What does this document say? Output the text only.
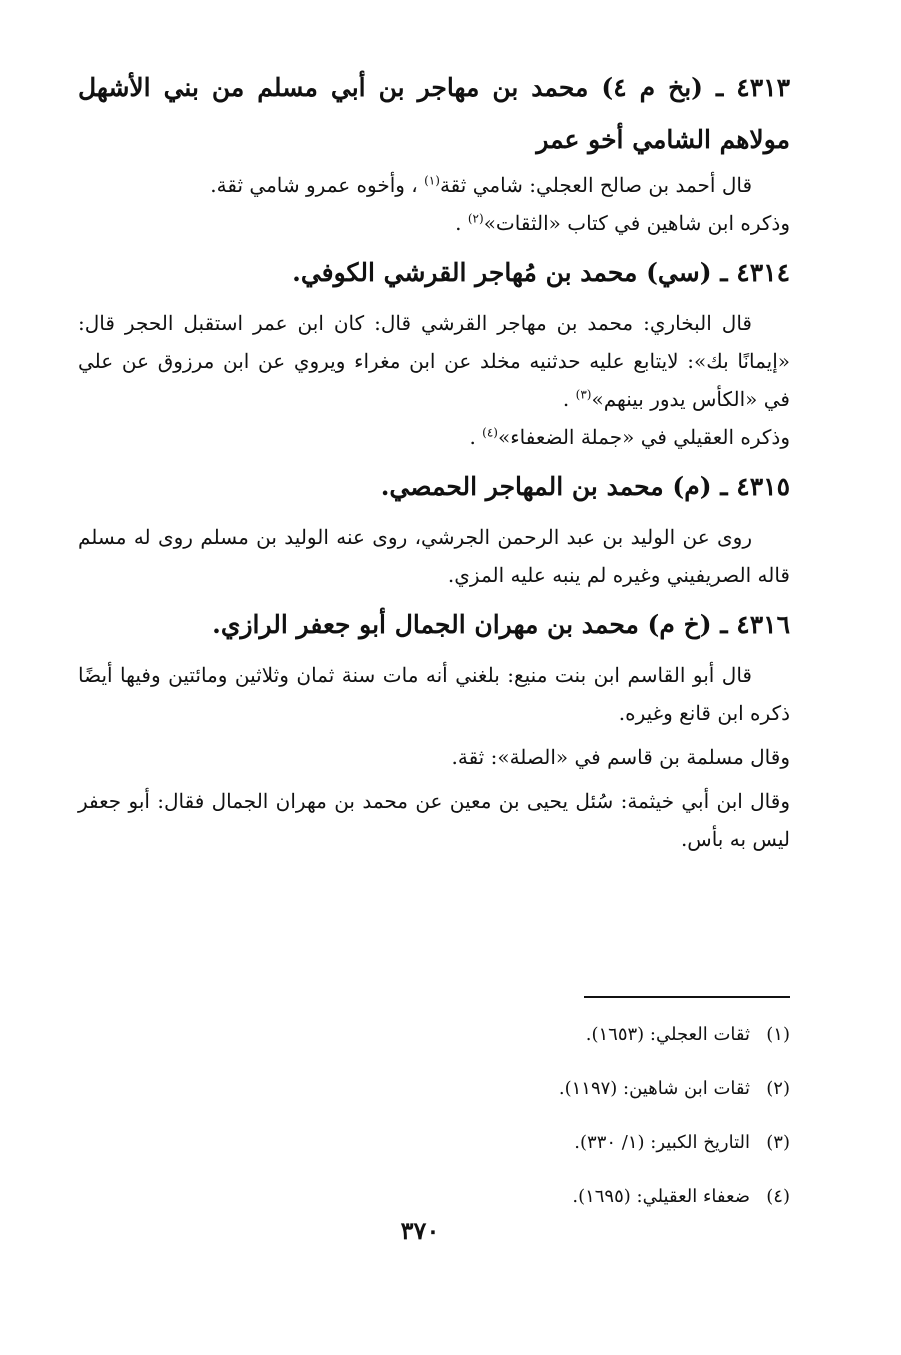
٤٣١٣ ـ (بخ م ٤) محمد بن مهاجر بن أبي مسلم من بني الأشهل مولاهم الشامي أخو عمر

قال أحمد بن صالح العجلي: شامي ثقة$^{(١)}$ ، وأخوه عمرو شامي ثقة.

وذكره ابن شاهين في كتاب «الثقات»$^{(٢)}$ .

٤٣١٤ ـ (سي) محمد بن مُهاجر القرشي الكوفي.

قال البخاري: محمد بن مهاجر القرشي قال: كان ابن عمر استقبل الحجر قال: «إيمانًا بك»: لايتابع عليه حدثنيه مخلد عن ابن مغراء ويروي عن ابن مرزوق عن علي في «الكأس يدور بينهم»$^{(٣)}$ .

وذكره العقيلي في «جملة الضعفاء»$^{(٤)}$ .

٤٣١٥ ـ (م) محمد بن المهاجر الحمصي.

روى عن الوليد بن عبد الرحمن الجرشي، روى عنه الوليد بن مسلم روى له مسلم قاله الصريفيني وغيره لم ينبه عليه المزي.

٤٣١٦ ـ (خ م) محمد بن مهران الجمال أبو جعفر الرازي.

قال أبو القاسم ابن بنت منيع: بلغني أنه مات سنة ثمان وثلاثين ومائتين وفيها أيضًا ذكره ابن قانع وغيره.

وقال مسلمة بن قاسم في «الصلة»: ثقة.

وقال ابن أبي خيثمة: سُئل يحيى بن معين عن محمد بن مهران الجمال فقال: أبو جعفر ليس به بأس.

(١)ثقات العجلي: (١٦٥٣).

(٢)ثقات ابن شاهين: (١١٩٧).

(٣)التاريخ الكبير: (١/ ٣٣٠).

(٤)ضعفاء العقيلي: (١٦٩٥).

٣٧٠
